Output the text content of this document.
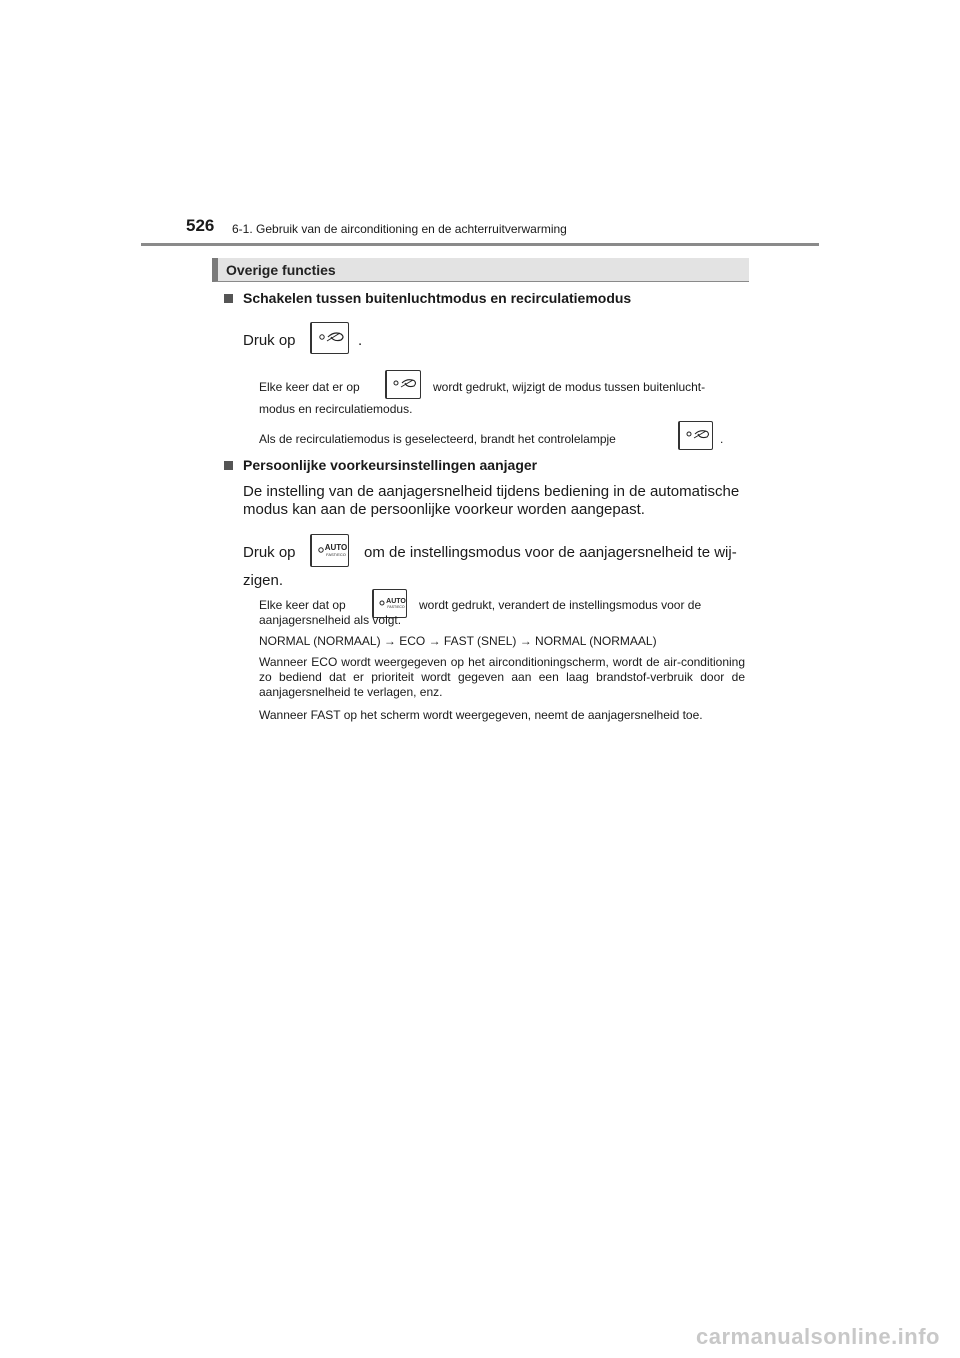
526 6-1. Gebruik van de airconditioning en de achterruitverwarming
Overige functies
Schakelen tussen buitenluchtmodus en recirculatiemodus
Druk op	.
Elke keer dat er op	wordt gedrukt, wijzigt de modus tussen buitenlucht-
modus en recirculatiemodus.
Als de recirculatiemodus is geselecteerd, brandt het controlelampje	.
Persoonlijke voorkeursinstellingen aanjager
De instelling van de aanjagersnelheid tijdens bediening in de automatische
modus kan aan de persoonlijke voorkeur worden aangepast.
Druk op	AUTO
FAST/ECO om de instellingsmodus voor de aanjagersnelheid te wij-
zigen.
Elke keer dat op	AUTO
FAST/ECO wordt gedrukt, verandert de instellingsmodus voor de
aanjagersnelheid als volgt.
NORMAL (NORMAAL) → ECO → FAST (SNEL) → NORMAL (NORMAAL)
Wanneer ECO wordt weergegeven op het airconditioningscherm, wordt de air-conditioning zo bediend dat er prioriteit wordt gegeven aan een laag brandstof-verbruik door de aanjagersnelheid te verlagen, enz.
Wanneer FAST op het scherm wordt weergegeven, neemt de aanjagersnelheid toe.
carmanualsonline.info
